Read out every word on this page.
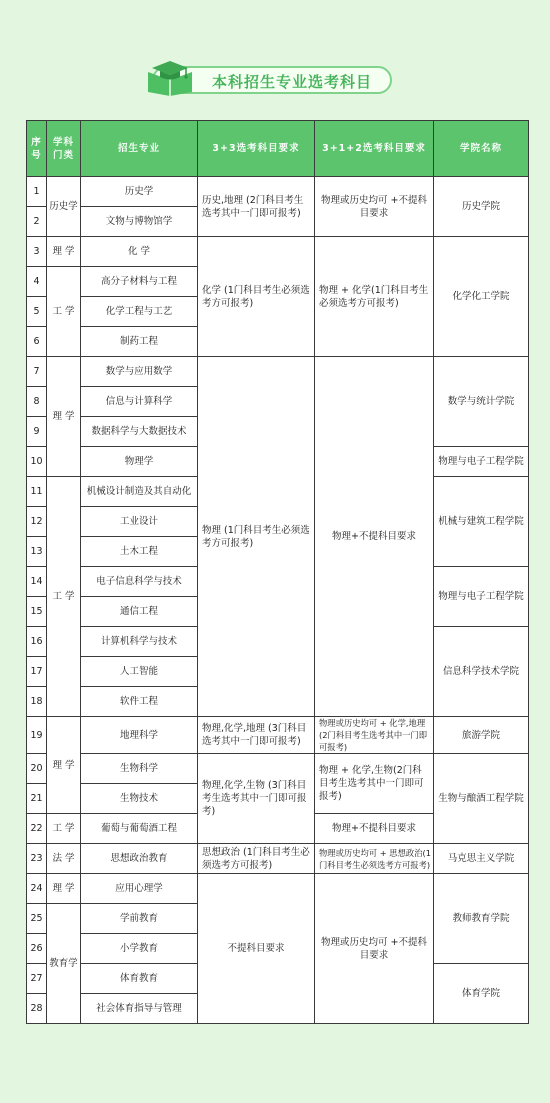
本科招生专业选考科目
序号	学科门类	招生专业	3+3选考科目要求	3+1+2选考科目要求	学院名称
1	历史学	历史学	历史,地理 (2门科目考生选考其中一门即可报考)	物理或历史均可 +不提科目要求	历史学院
2		文物与博物馆学			
3	理 学	化 学	化学 (1门科目考生必须选考方可报考)	物理 + 化学(1门科目考生必须选考方可报考)	化学化工学院
4	工 学	高分子材料与工程			
5		化学工程与工艺			
6		制药工程			
7	理 学	数学与应用数学	物理 (1门科目考生必须选考方可报考)	物理+不提科目要求	数学与统计学院
8		信息与计算科学			
9		数据科学与大数据技术			
10		物理学			物理与电子工程学院
11	工 学	机械设计制造及其自动化			机械与建筑工程学院
12		工业设计			
13		土木工程			
14		电子信息科学与技术			物理与电子工程学院
15		通信工程			
16		计算机科学与技术			信息科学技术学院
17		人工智能			
18		软件工程			
19	理 学	地理科学	物理,化学,地理 (3门科目选考其中一门即可报考)	物理或历史均可 + 化学,地理(2门科目考生选考其中一门即可报考)	旅游学院
20		生物科学	物理,化学,生物 (3门科目考生选考其中一门即可报考)	物理 + 化学,生物(2门科目考生选考其中一门即可报考)	生物与酿酒工程学院
21		生物技术			
22	工 学	葡萄与葡萄酒工程		物理+不提科目要求	
23	法 学	思想政治教育	思想政治 (1门科目考生必须选考方可报考)	物理或历史均可 + 思想政治(1门科目考生必须选考方可报考)	马克思主义学院
24	理 学	应用心理学	不提科目要求	物理或历史均可 +不提科目要求	教师教育学院
25	教育学	学前教育			
26		小学教育			
27		体育教育			体育学院
28		社会体育指导与管理			
